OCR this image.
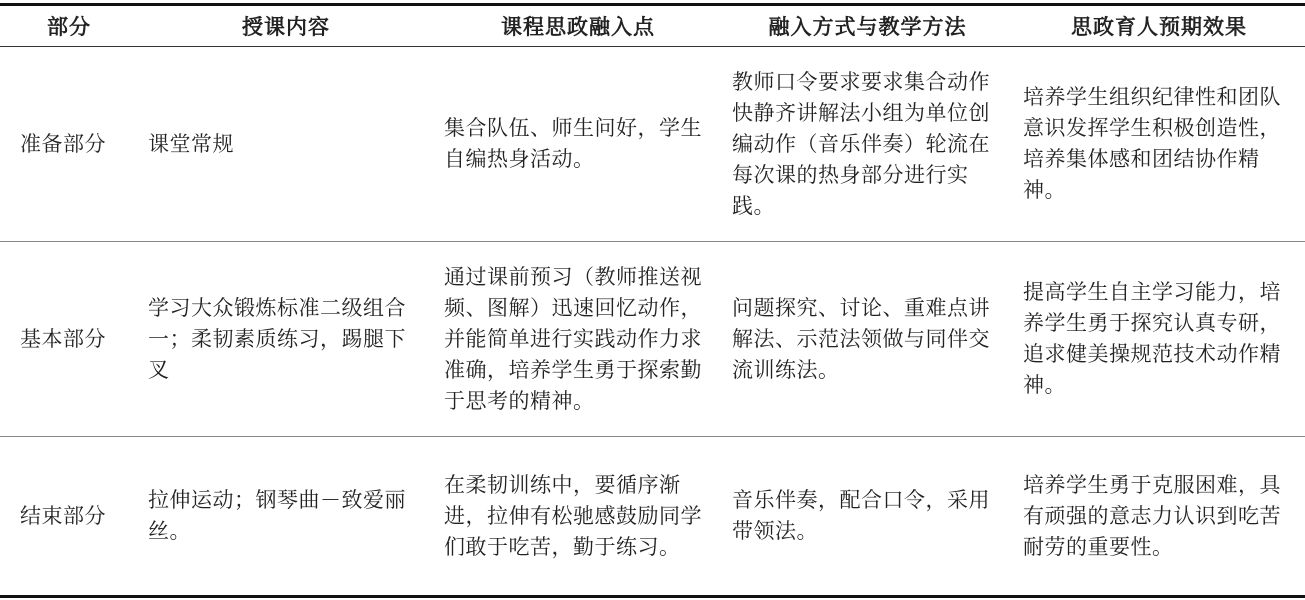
部分	授课内容	课程思政融入点	融入方式与教学方法	思政育人预期效果
准备部分	课堂常规	集合队伍、师生问好，学生自编热身活动。	教师口令要求要求集合动作快静齐讲解法小组为单位创编动作（音乐伴奏）轮流在每次课的热身部分进行实践。	培养学生组织纪律性和团队意识发挥学生积极创造性，培养集体感和团结协作精神。
基本部分	学习大众锻炼标准二级组合一；柔韧素质练习，踢腿下叉	通过课前预习（教师推送视频、图解）迅速回忆动作，并能简单进行实践动作力求准确，培养学生勇于探索勤于思考的精神。	问题探究、讨论、重难点讲解法、示范法领做与同伴交流训练法。	提高学生自主学习能力，培养学生勇于探究认真专研，追求健美操规范技术动作精神。
结束部分	拉伸运动；钢琴曲－致爱丽丝。	在柔韧训练中，要循序渐进，拉伸有松驰感鼓励同学们敢于吃苦，勤于练习。	音乐伴奏，配合口令，采用带领法。	培养学生勇于克服困难，具有顽强的意志力认识到吃苦耐劳的重要性。
